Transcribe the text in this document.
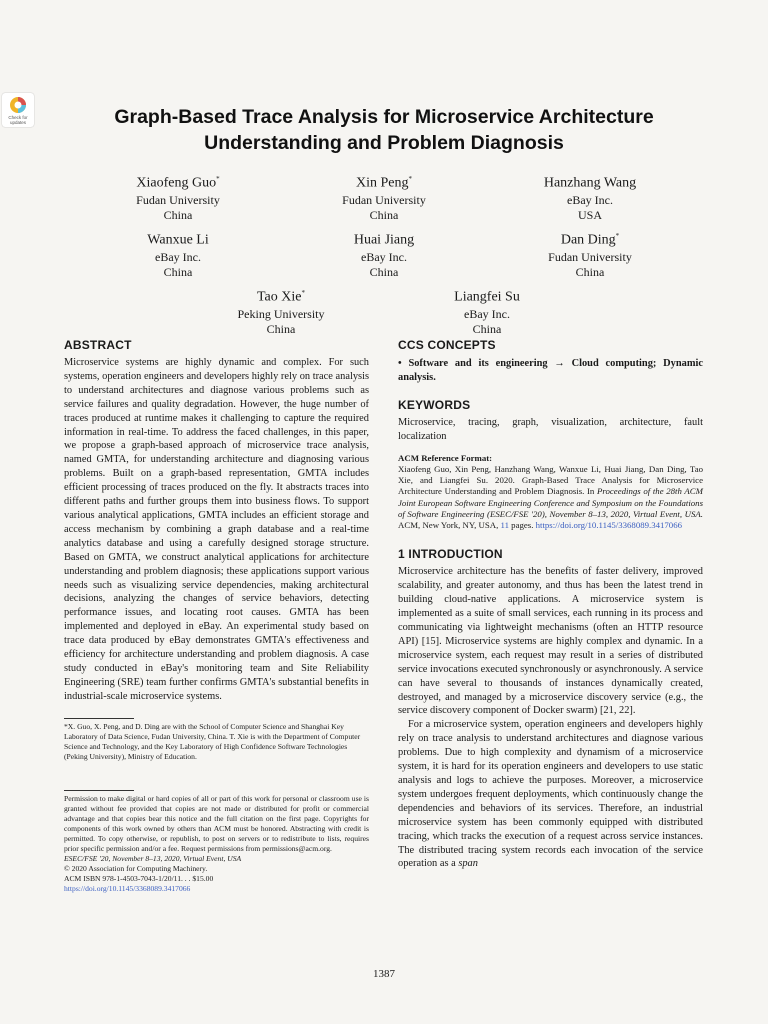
Check for
updates	Graph-Based Trace Analysis for Microservice Architecture
Understanding and Problem Diagnosis
Xiaofeng Guo*
Fudan University
China
Xin Peng*
Fudan University
China
Hanzhang Wang
eBay Inc.
USA
Wanxue Li
eBay Inc.
China
Huai Jiang
eBay Inc.
China
Dan Ding*
Fudan University
China
Tao Xie*
Peking University
China
Liangfei Su
eBay Inc.
China
ABSTRACT

Microservice systems are highly dynamic and complex. For such systems, operation engineers and developers highly rely on trace analysis to understand architectures and diagnose various problems such as service failures and quality degradation. However, the huge number of traces produced at runtime makes it challenging to capture the required information in real-time. To address the faced challenges, in this paper, we propose a graph-based approach of microservice trace analysis, named GMTA, for understanding architecture and diagnosing various problems. Built on a graph-based representation, GMTA includes efficient processing of traces produced on the fly. It abstracts traces into different paths and further groups them into business flows. To support various analytical applications, GMTA includes an efficient storage and access mechanism by combining a graph database and a real-time analytics database and using a carefully designed storage structure. Based on GMTA, we construct analytical applications for architecture understanding and problem diagnosis; these applications support various needs such as visualizing service dependencies, making architectural decisions, analyzing the changes of service behaviors, detecting performance issues, and locating root causes. GMTA has been implemented and deployed in eBay. An experimental study based on trace data produced by eBay demonstrates GMTA's effectiveness and efficiency for architecture understanding and problem diagnosis. A case study conducted in eBay's monitoring team and Site Reliability Engineering (SRE) team further confirms GMTA's substantial benefits in industrial-scale microservice systems.

*X. Guo, X. Peng, and D. Ding are with the School of Computer Science and Shanghai Key Laboratory of Data Science, Fudan University, China. T. Xie is with the Department of Computer Science and Technology, and the Key Laboratory of High Confidence Software Technologies (Peking University), Ministry of Education.

Permission to make digital or hard copies of all or part of this work for personal or classroom use is granted without fee provided that copies are not made or distributed for profit or commercial advantage and that copies bear this notice and the full citation on the first page. Copyrights for components of this work owned by others than ACM must be honored. Abstracting with credit is permitted. To copy otherwise, or republish, to post on servers or to redistribute to lists, requires prior specific permission and/or a fee. Request permissions from permissions@acm.org.

ESEC/FSE '20, November 8–13, 2020, Virtual Event, USA

© 2020 Association for Computing Machinery.

ACM ISBN 978-1-4503-7043-1/20/11. . . $15.00

https://doi.org/10.1145/3368089.3417066

CCS CONCEPTS

• Software and its engineering → Cloud computing; Dynamic analysis.

KEYWORDS

Microservice, tracing, graph, visualization, architecture, fault localization

ACM Reference Format:

Xiaofeng Guo, Xin Peng, Hanzhang Wang, Wanxue Li, Huai Jiang, Dan Ding, Tao Xie, and Liangfei Su. 2020. Graph-Based Trace Analysis for Microservice Architecture Understanding and Problem Diagnosis. In Proceedings of the 28th ACM Joint European Software Engineering Conference and Symposium on the Foundations of Software Engineering (ESEC/FSE '20), November 8–13, 2020, Virtual Event, USA. ACM, New York, NY, USA, 11 pages. https://doi.org/10.1145/3368089.3417066

1 INTRODUCTION

Microservice architecture has the benefits of faster delivery, improved scalability, and greater autonomy, and thus has been the latest trend in building cloud-native applications. A microservice system is implemented as a suite of small services, each running in its process and communicating via lightweight mechanisms (often an HTTP resource API) [15]. Microservice systems are highly complex and dynamic. In a microservice system, each request may result in a series of distributed service invocations executed synchronously or asynchronously. A service can have several to thousands of instances dynamically created, destroyed, and managed by a microservice discovery service (e.g., the service discovery component of Docker swarm) [21, 22].

For a microservice system, operation engineers and developers highly rely on trace analysis to understand architectures and diagnose various problems. Due to high complexity and dynamism of a microservice system, it is hard for its operation engineers and developers to use static analysis and logs to achieve the purposes. Moreover, a microservice system undergoes frequent deployments, which continuously change the dependencies and behaviors of its services. Therefore, an industrial microservice system has been commonly equipped with distributed tracing, which tracks the execution of a request across service instances. The distributed tracing system records each invocation of the service operation as a span

1387
